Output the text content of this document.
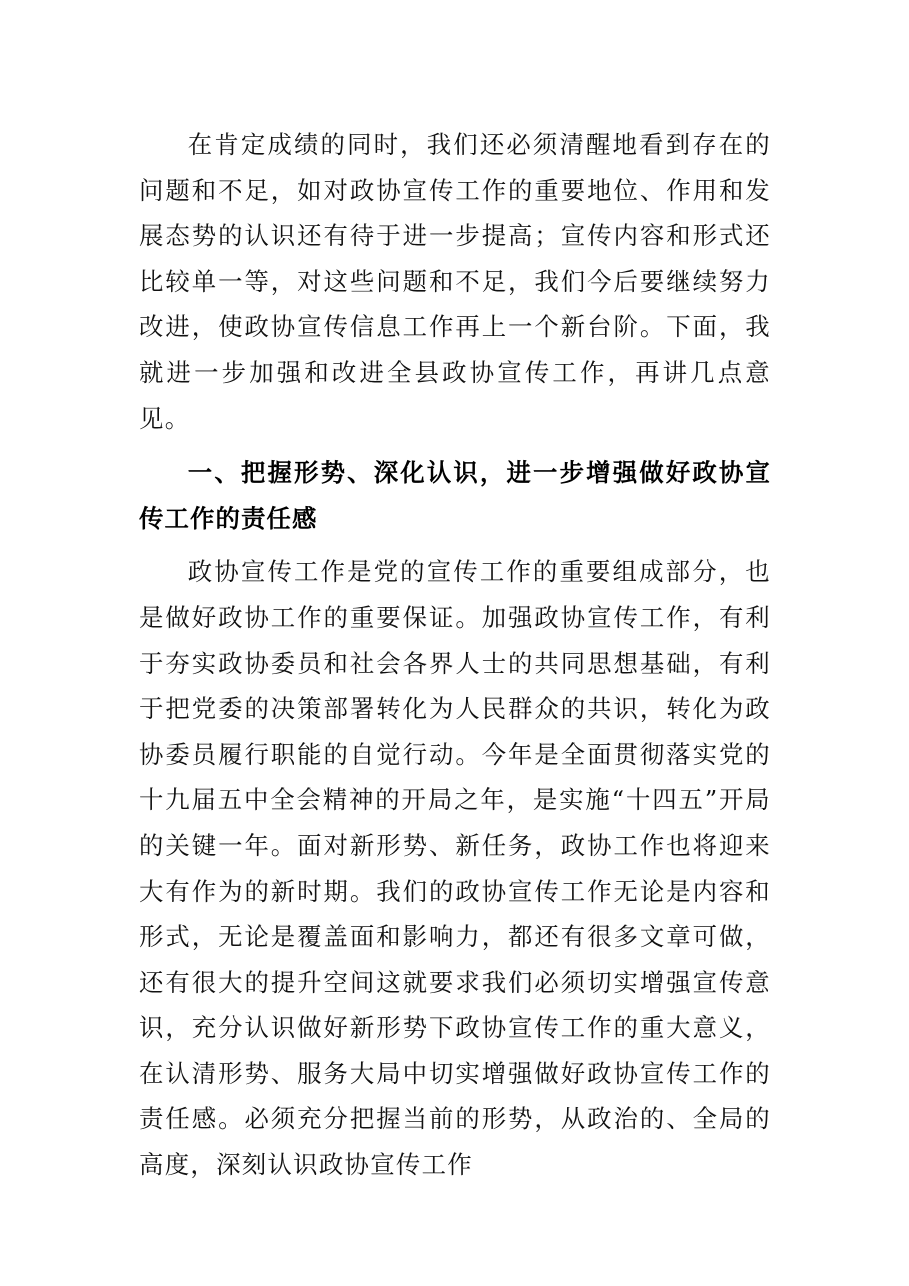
在肯定成绩的同时，我们还必须清醒地看到存在的问题和不足，如对政协宣传工作的重要地位、作用和发展态势的认识还有待于进一步提高；宣传内容和形式还比较单一等，对这些问题和不足，我们今后要继续努力改进，使政协宣传信息工作再上一个新台阶。下面，我就进一步加强和改进全县政协宣传工作，再讲几点意见。

一、把握形势、深化认识，进一步增强做好政协宣传工作的责任感

政协宣传工作是党的宣传工作的重要组成部分，也是做好政协工作的重要保证。加强政协宣传工作，有利于夯实政协委员和社会各界人士的共同思想基础，有利于把党委的决策部署转化为人民群众的共识，转化为政协委员履行职能的自觉行动。今年是全面贯彻落实党的十九届五中全会精神的开局之年，是实施“十四五”开局的关键一年。面对新形势、新任务，政协工作也将迎来大有作为的新时期。我们的政协宣传工作无论是内容和形式，无论是覆盖面和影响力，都还有很多文章可做，还有很大的提升空间这就要求我们必须切实增强宣传意识，充分认识做好新形势下政协宣传工作的重大意义，在认清形势、服务大局中切实增强做好政协宣传工作的责任感。必须充分把握当前的形势，从政治的、全局的高度，深刻认识政协宣传工作
